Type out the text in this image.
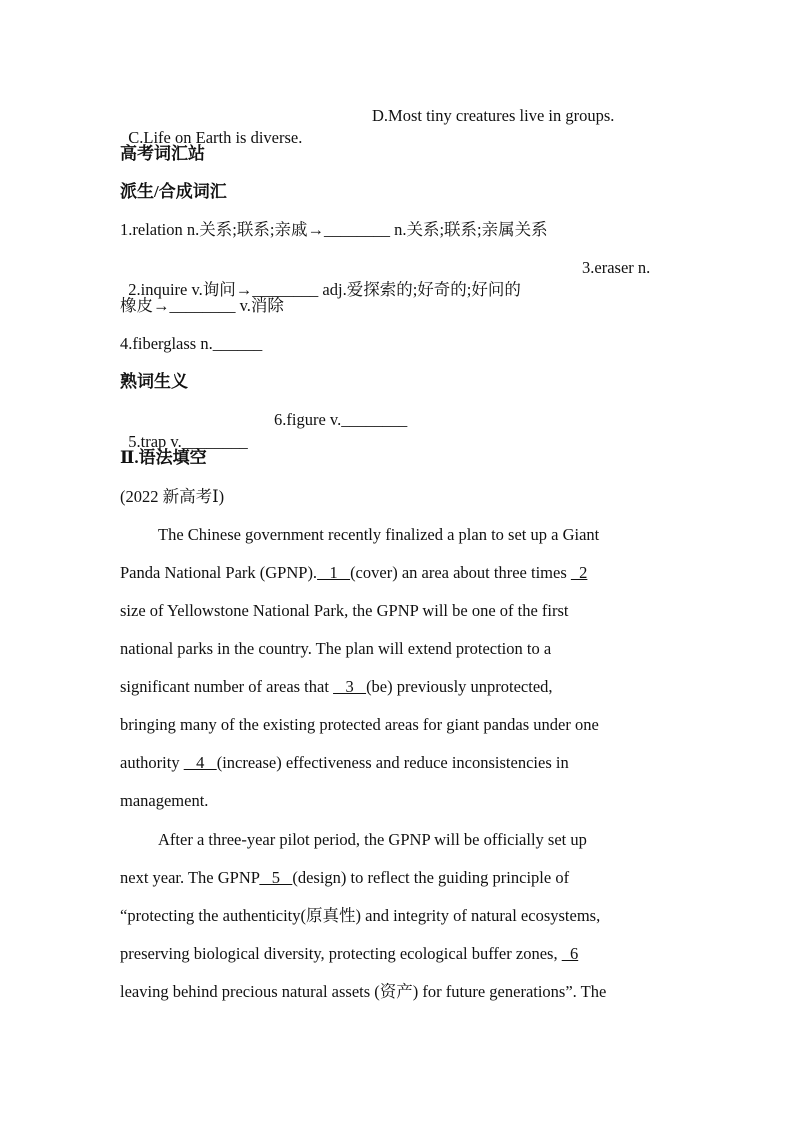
C.Life on Earth is diverse.
D.Most tiny creatures live in groups.

高考词汇站
派生/合成词汇
1.relation n.关系;联系;亲戚→________ n.关系;联系;亲属关系

2.inquire v.询问→________ adj.爱探索的;好奇的;好问的
3.eraser n.

橡皮→________ v.消除
4.fiberglass n.______
熟词生义

5.trap v.________
6.figure v.________

Ⅱ.语法填空
(2022 新高考Ⅰ)
The Chinese government recently finalized a plan to set up a Giant
Panda National Park (GPNP).   1   (cover) an area about three times   2
size of Yellowstone National Park, the GPNP will be one of the first
national parks in the country. The plan will extend protection to a
significant number of areas that    3   (be) previously unprotected,
bringing many of the existing protected areas for giant pandas under one
authority    4   (increase) effectiveness and reduce inconsistencies in
management.
After a three-year pilot period, the GPNP will be officially set up
next year. The GPNP   5   (design) to reflect the guiding principle of
“protecting the authenticity(原真性) and integrity of natural ecosystems,
preserving biological diversity, protecting ecological buffer zones,   6
leaving behind precious natural assets (资产) for future generations”. The
